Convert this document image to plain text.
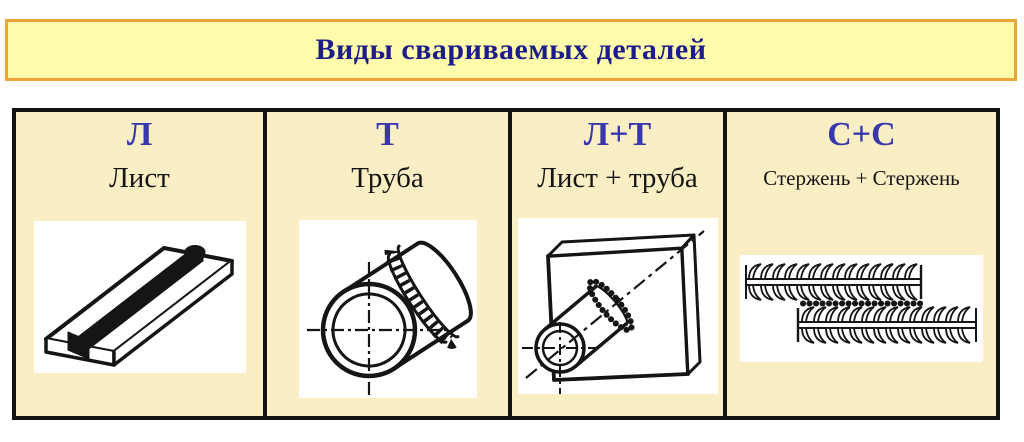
Виды свариваемых деталей
Л	Т	Л+Т	С+С
Лист	Труба	Лист + труба	Стержень + Стержень
